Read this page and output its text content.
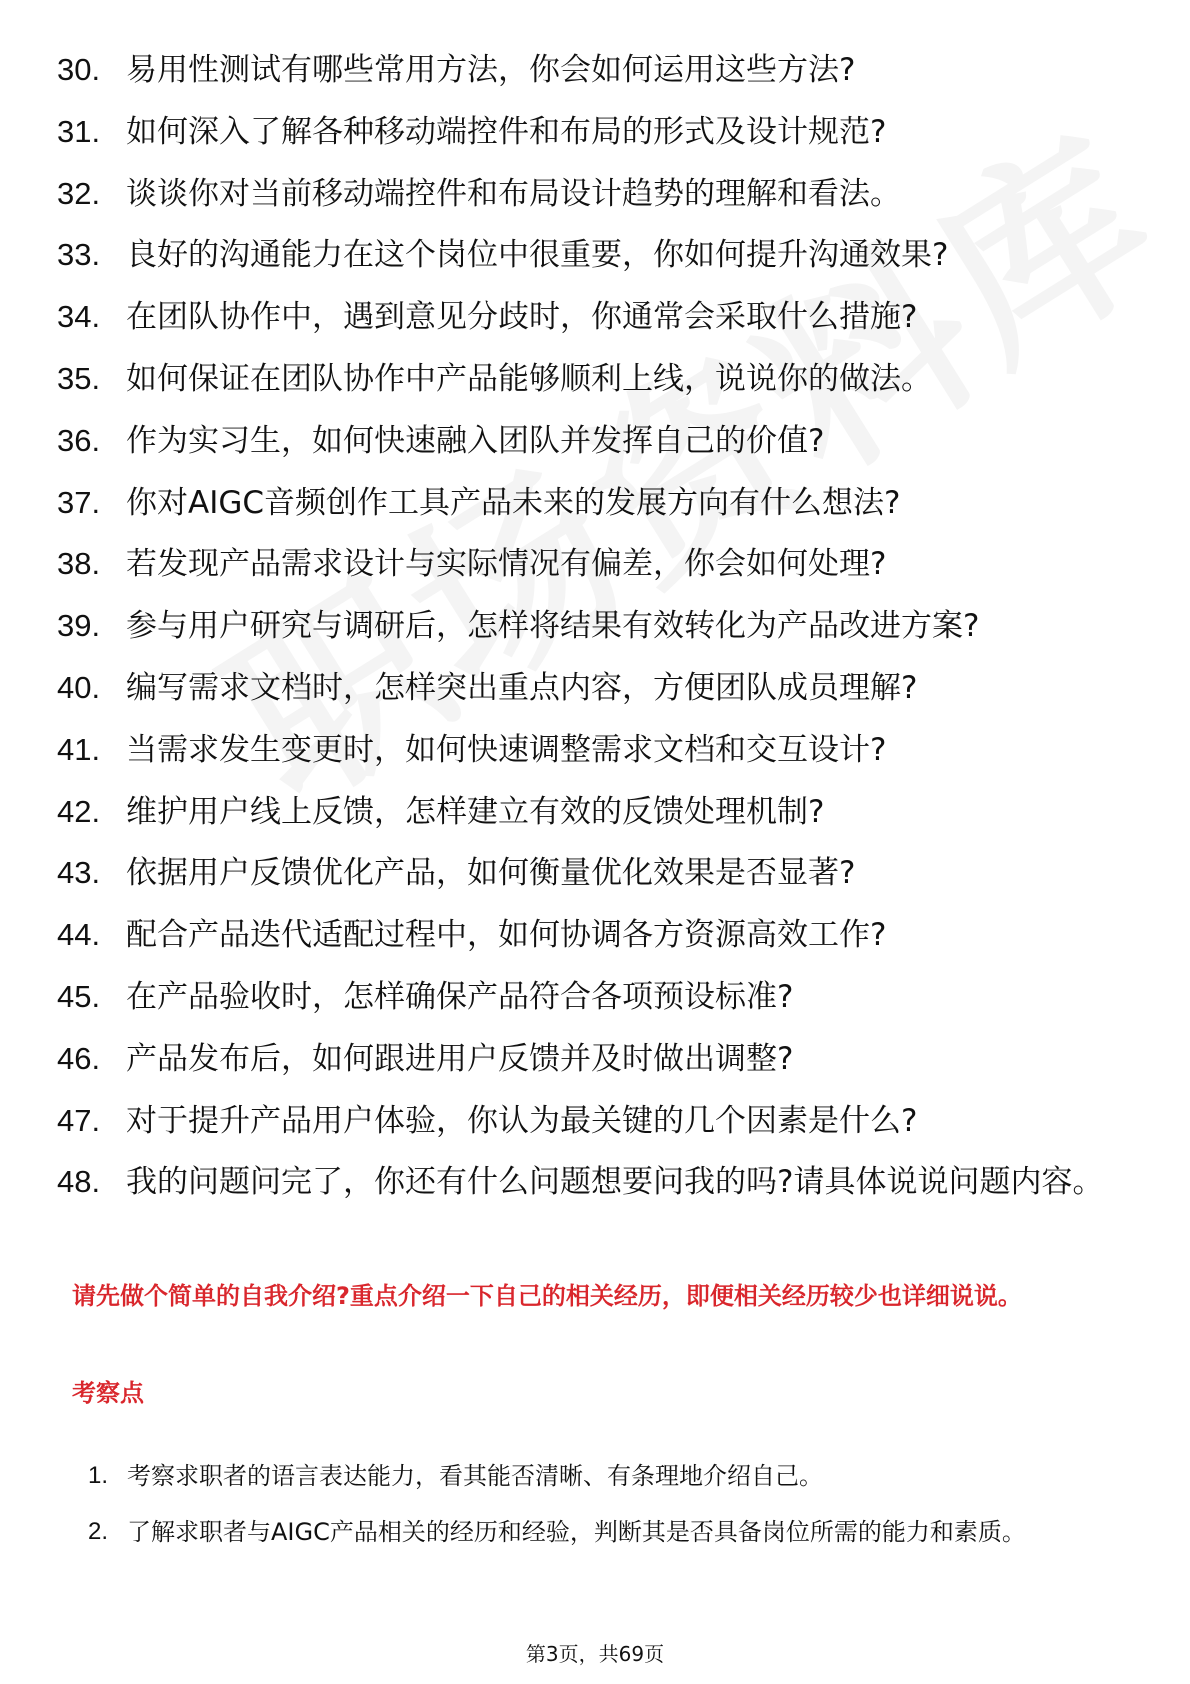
30. 易用性测试有哪些常用方法，你会如何运用这些方法?
31. 如何深入了解各种移动端控件和布局的形式及设计规范?
32. 谈谈你对当前移动端控件和布局设计趋势的理解和看法。
33. 良好的沟通能力在这个岗位中很重要，你如何提升沟通效果?
34. 在团队协作中，遇到意见分歧时，你通常会采取什么措施?
35. 如何保证在团队协作中产品能够顺利上线，说说你的做法。
36. 作为实习生，如何快速融入团队并发挥自己的价值?
37. 你对AIGC音频创作工具产品未来的发展方向有什么想法?
38. 若发现产品需求设计与实际情况有偏差，你会如何处理?
39. 参与用户研究与调研后，怎样将结果有效转化为产品改进方案?
40. 编写需求文档时，怎样突出重点内容，方便团队成员理解?
41. 当需求发生变更时，如何快速调整需求文档和交互设计?
42. 维护用户线上反馈，怎样建立有效的反馈处理机制?
43. 依据用户反馈优化产品，如何衡量优化效果是否显著?
44. 配合产品迭代适配过程中，如何协调各方资源高效工作?
45. 在产品验收时，怎样确保产品符合各项预设标准?
46. 产品发布后，如何跟进用户反馈并及时做出调整?
47. 对于提升产品用户体验，你认为最关键的几个因素是什么?
48. 我的问题问完了，你还有什么问题想要问我的吗?请具体说说问题内容。
请先做个简单的自我介绍?重点介绍一下自己的相关经历，即便相关经历较少也详细说说。
考察点
1. 考察求职者的语言表达能力，看其能否清晰、有条理地介绍自己。
2. 了解求职者与AIGC产品相关的经历和经验，判断其是否具备岗位所需的能力和素质。
第3页，共69页
